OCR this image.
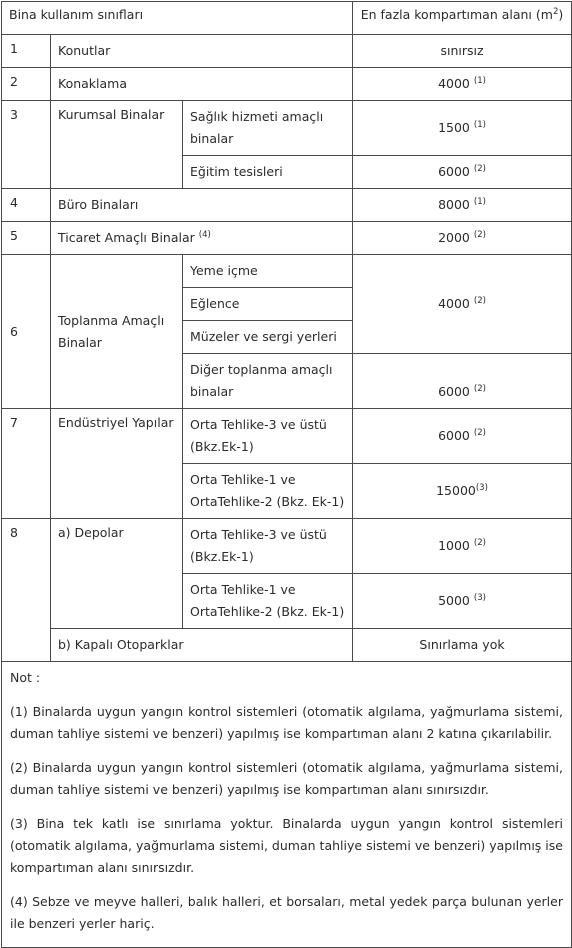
Bina kullanım sınıfları			En fazla kompartıman alanı $(m^2)$
1	Konutlar		sınırsız
2	Konaklama		4000 $^{(1)}$
3	Kurumsal Binalar	Sağlık hizmeti amaçlı binalar	1500 $^{(1)}$
		Eğitim tesisleri	6000 $^{(2)}$
4	Büro Binaları		8000 $^{(1)}$
5	Ticaret Amaçlı Binalar $^{(4)}$		2000 $^{(2)}$
6	Toplanma Amaçlı Binalar	Yeme içme	4000 $^{(2)}$
		Eğlence	
		Müzeler ve sergi yerleri	
		Diğer toplanma amaçlı binalar	6000 $^{(2)}$
7	Endüstriyel Yapılar	Orta Tehlike-3 ve üstü (Bkz.Ek-1)	6000 $^{(2)}$
		Orta Tehlike-1 ve OrtaTehlike-2 (Bkz. Ek-1)	15000$^{(3)}$
8	a) Depolar	Orta Tehlike-3 ve üstü (Bkz.Ek-1)	1000 $^{(2)}$
		Orta Tehlike-1 ve OrtaTehlike-2 (Bkz. Ek-1)	5000 $^{(3)}$
	b) Kapalı Otoparklar		Sınırlama yok

Not :
(1) Binalarda uygun yangın kontrol sistemleri (otomatik algılama, yağmurlama sistemi, duman tahliye sistemi ve benzeri) yapılmış ise kompartıman alanı 2 katına çıkarılabilir.
(2) Binalarda uygun yangın kontrol sistemleri (otomatik algılama, yağmurlama sistemi, duman tahliye sistemi ve benzeri) yapılmış ise kompartıman alanı sınırsızdır.
(3) Bina tek katlı ise sınırlama yoktur. Binalarda uygun yangın kontrol sistemleri (otomatik algılama, yağmurlama sistemi, duman tahliye sistemi ve benzeri) yapılmış ise kompartıman alanı sınırsızdır.
(4) Sebze ve meyve halleri, balık halleri, et borsaları, metal yedek parça bulunan yerler ile benzeri yerler hariç.			
